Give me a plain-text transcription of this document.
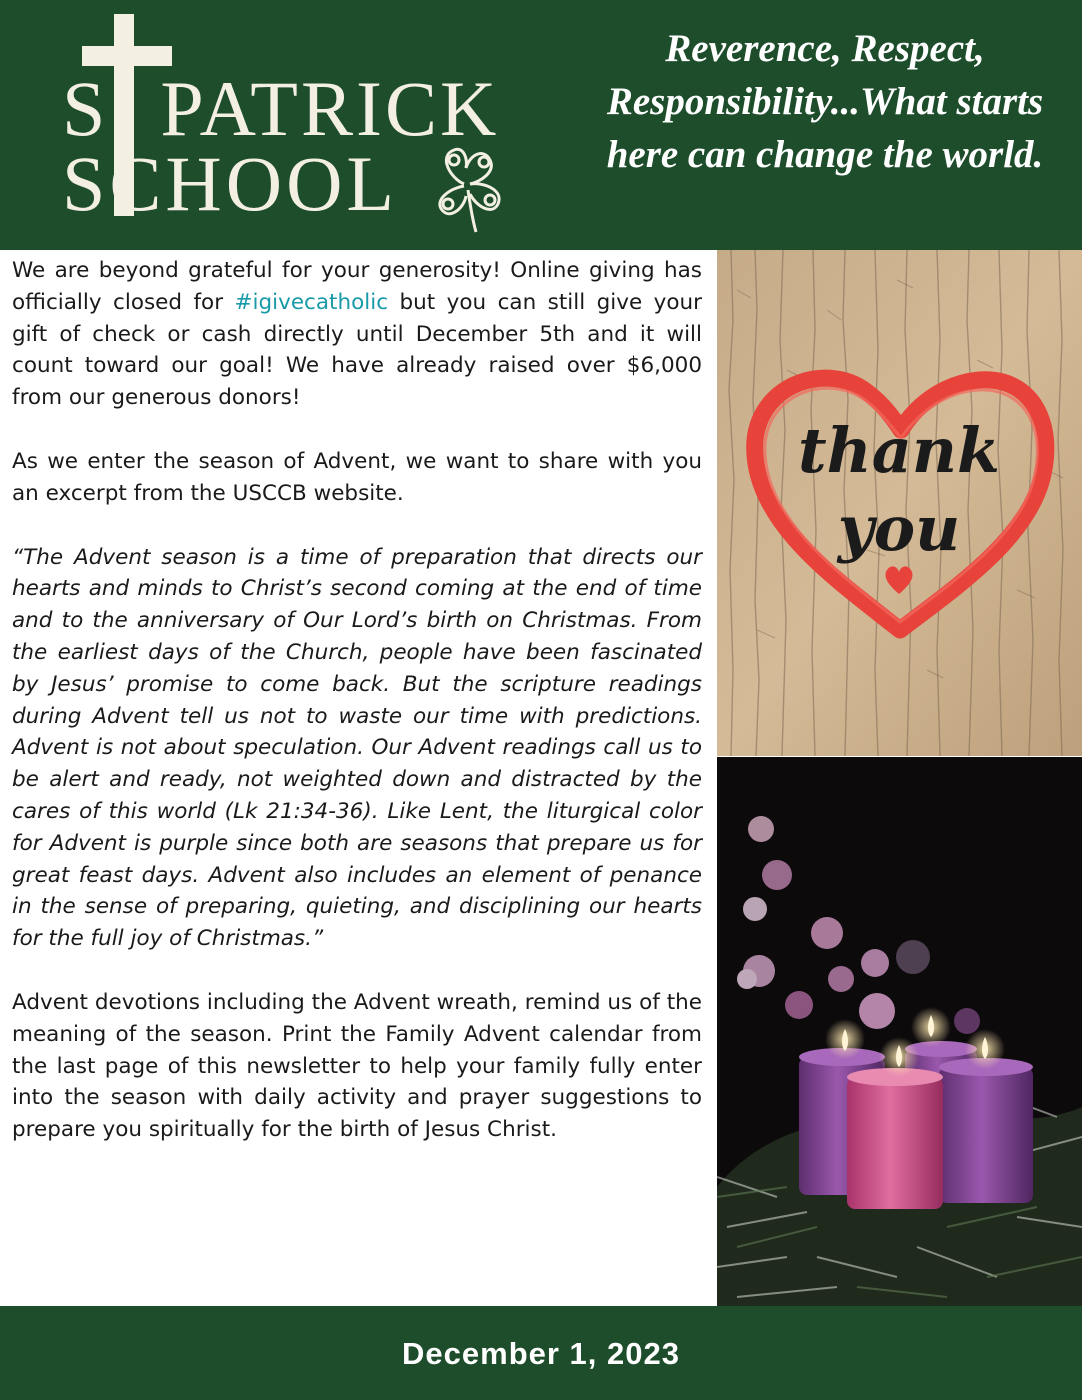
S PATRICK
SCHOOL

Reverence, Respect, Responsibility...What starts here can change the world.

We are beyond grateful for your generosity! Online giving has officially closed for #igivecatholic but you can still give your gift of check or cash directly until December 5th and it will count toward our goal! We have already raised over $6,000 from our generous donors!

As we enter the season of Advent, we want to share with you an excerpt from the USCCB website.

“The Advent season is a time of preparation that directs our hearts and minds to Christ’s second coming at the end of time and to the anniversary of Our Lord’s birth on Christmas. From the earliest days of the Church, people have been fascinated by Jesus’ promise to come back. But the scripture readings during Advent tell us not to waste our time with predictions. Advent is not about speculation. Our Advent readings call us to be alert and ready, not weighted down and distracted by the cares of this world (Lk 21:34-36). Like Lent, the liturgical color for Advent is purple since both are seasons that prepare us for great feast days. Advent also includes an element of penance in the sense of preparing, quieting, and disciplining our hearts for the full joy of Christmas.”

Advent devotions including the Advent wreath, remind us of the meaning of the season. Print the Family Advent calendar from the last page of this newsletter to help your family fully enter into the season with daily activity and prayer suggestions to prepare you spiritually for the birth of Jesus Christ.

thank
you
December 1, 2023
